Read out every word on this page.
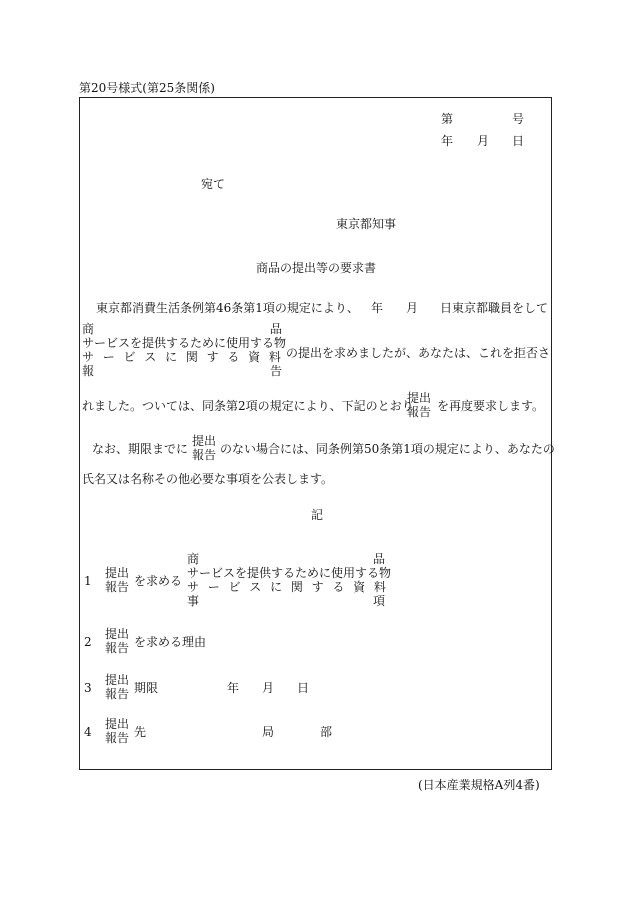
第20号様式(第25条関係)
第	号
年 月 日
宛て
東京都知事
商品の提出等の要求書
東京都消費生活条例第46条第1項の規定により、 年 月 日東京都職員をして
商	品
サービスを提供するために使用する物
サ ー ビ ス に 関 す る 資 料
報	告
の提出を求めましたが、あなたは、これを拒否さ
れました。ついては、同条第2項の規定により、下記のとおり
提出
報告 を再度要求します。
なお、期限までに
提出
報告 のない場合には、同条例第50条第1項の規定により、あなたの
氏名又は名称その他必要な事項を公表します。
記
1
提出
報告 を求める
商	品
サービスを提供するために使用する物
サ ー ビ ス に 関 す る 資 料
事	項
2
提出
報告 を求める理由
3
提出
報告 期限	年 月 日
4
提出
報告 先	局	部
(日本産業規格A列4番)
